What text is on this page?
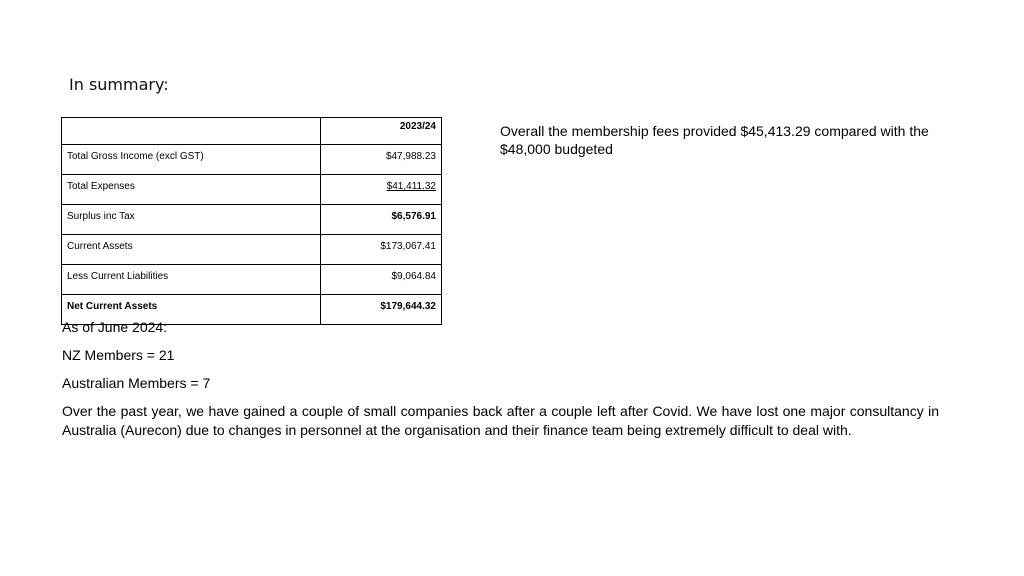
In summary:
	2023/24
Total Gross Income (excl GST)	$47,988.23
Total Expenses	$41,411.32
Surplus inc Tax	$6,576.91
Current Assets	$173,067.41
Less Current Liabilities	$9,064.84
Net Current Assets	$179,644.32
Overall the membership fees provided $45,413.29 compared with the $48,000 budgeted

As of June 2024:

NZ Members = 21

Australian Members = 7

Over the past year, we have gained a couple of small companies back after a couple left after Covid. We have lost one major consultancy in Australia (Aurecon) due to changes in personnel at the organisation and their finance team being extremely difficult to deal with.
